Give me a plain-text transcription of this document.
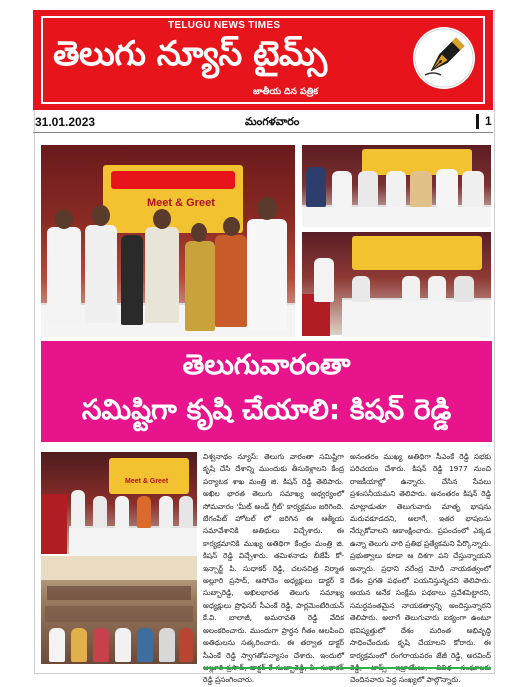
TELUGU NEWS TIMES
తెలుగు న్యూస్ టైమ్స్
జాతీయ దిన పత్రిక
31.01.2023	మంగళవారం	1
Meet & Greet
తెలుగువారంతా
సమిష్టిగా కృషి చేయాలి: కిషన్ రెడ్డి
Meet & Greet
విశ్వనాథం న్యూస్: తెలుగు వారంతా సమిష్టిగా కృషి చేసి దేశాన్ని ముందుకు తీసుకెళ్లాలని కేంద్ర పర్యాటక శాఖ మంత్రి జి. కిషన్ రెడ్డి తెలిపారు. అఖిల భారత తెలుగు సమాఖ్య ఆధ్వర్యంలో సోమవారం 'మీట్ అండ్ గ్రీట్' కార్యక్రమం జరిగింది. బేగంపేట్ హోటల్ లో జరిగిన ఈ ఆత్మీయ సమావేశానికి అతిథులు విచ్చేశారు. ఈ కార్యక్రమానికి ముఖ్య అతిథిగా కేంద్రం మంత్రి జి. కిషన్ రెడ్డి విచ్చేశారు. తమిళనాడు బీజేపీ కో- ఇన్చార్జ్ పి. సుధాకర్ రెడ్డి, చలనచిత్ర నిర్మాత అల్లూరి ప్రసాద్, ఆసోచెం అధ్యక్షులు డాక్టర్ కె సుబ్బారెడ్డి, అఖిలభారత తెలుగు సమాఖ్య అధ్యక్షులు ప్రొఫెసర్ సీఎంకే రెడ్డి, పార్లమెంటేరియన్ కే.వి. బాలాజీ, అమరావతి రెడ్డి వేదిక అలంకరించారు. ముందుగా ప్రార్థన గీతం ఆలపించి అతిథులను సత్కరించారు. ఈ తర్వాత డాక్టర్ సీఎంకే రెడ్డి స్వాగతోపన్యాసం చేశారు. ఇందులో రెడ్డి ప్రసంగించారు.
అనంతరం ముఖ్య అతిథిగా సీఎంకే రెడ్డి సభకు పరిచయం చేశారు. కిషన్ రెడ్డి 1977 నుంచి రాజకీయాల్లో ఉన్నారు. చేసిన సేవలు ప్రశంసనీయమని తెలిపారు. అనంతరం కిషన్ రెడ్డి మాట్లాడుతూ తెలుగువారు మాతృ భాషను మరువకూడదని, అలాగే, ఇతర భాషలను నేర్చుకోవాలని ఆకాంక్షించారు. ప్రపంచంలో ఎక్కడ ఉన్నా తెలుగు వారి ప్రతిభ ప్రత్యేకమని పేర్కొన్నారు. ప్రభుత్వాలు కూడా ఆ దిశగా పని చేస్తున్నాయని అన్నారు. ప్రధాని నరేంద్ర మోదీ నాయకత్వంలో దేశం ప్రగతి పథంలో పయనిస్తున్నదని తెలిపారు. ఆయన అనేక సంక్షేమ పథకాలు ప్రవేశపెట్టారని, సమర్థవంతమైన నాయకత్వాన్ని అందిస్తున్నారని తెలిపారు. అలాగే తెలుగువారు ఐక్యంగా ఉంటూ భవిష్యత్తులో దేశం మరింత అభివృద్ధి సాధించేందుకు కృషి చేయాలని కోరారు. ఈ కార్యక్రమంలో రంగరాయవరం జేజీ రెడ్డి, అరవింద్ చెందినవారు పెద్ద సంఖ్యలో పాల్గొన్నారు.
